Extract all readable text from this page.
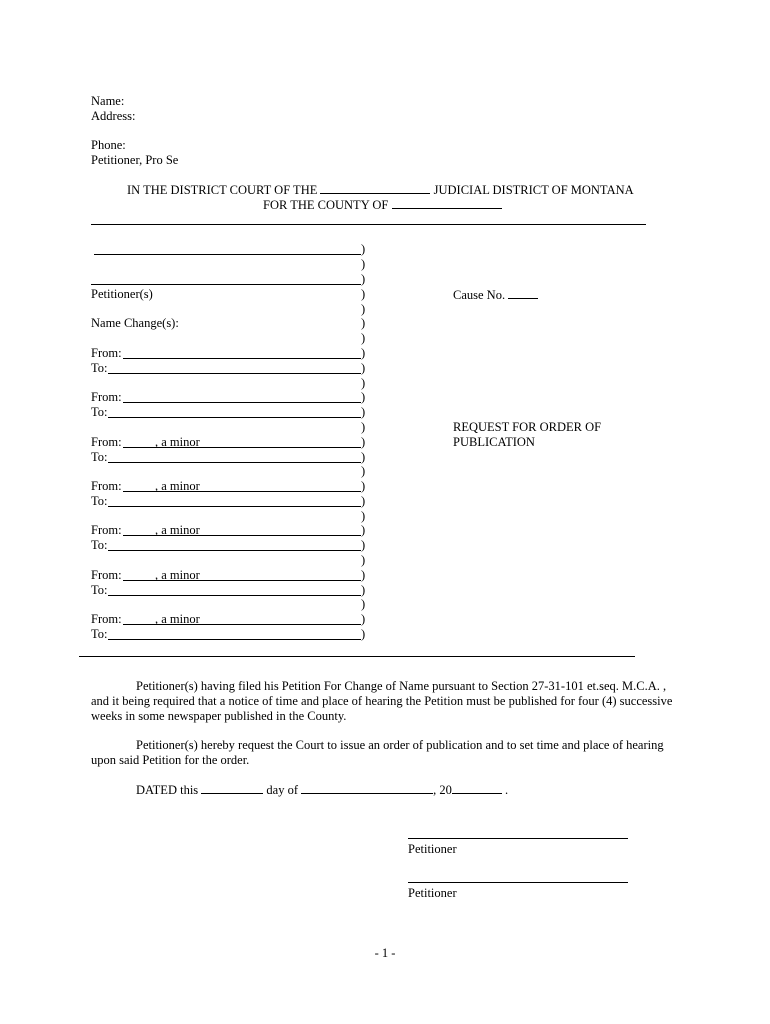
Name:
Address:
Phone:
Petitioner, Pro Se
IN THE DISTRICT COURT OF THE	JUDICIAL DISTRICT OF MONTANA
FOR THE COUNTY OF
Petitioner(s)
Name Change(s):
From:
To:
From:
To:
From:	, a minor
To:
From:	, a minor
To:
From:	, a minor
To:
From:	, a minor
To:
From:	, a minor
To:
)
)
)
)
)
)
)
)
)
)
)
)
)
)
)
)
)
)
)
)
)
)
)
)
)
)
)
Cause No.
REQUEST FOR ORDER OF
PUBLICATION
Petitioner(s) having filed his Petition For Change of Name pursuant to Section 27-31-101 et.seq. M.C.A. ,
and it being required that a notice of time and place of hearing the Petition must be published for four (4) successive
weeks in some newspaper published in the County.
Petitioner(s) hereby request the Court to issue an order of publication and to set time and place of hearing
upon said Petition for the order.
DATED this	day of	, 20	.
Petitioner
Petitioner
- 1 -
